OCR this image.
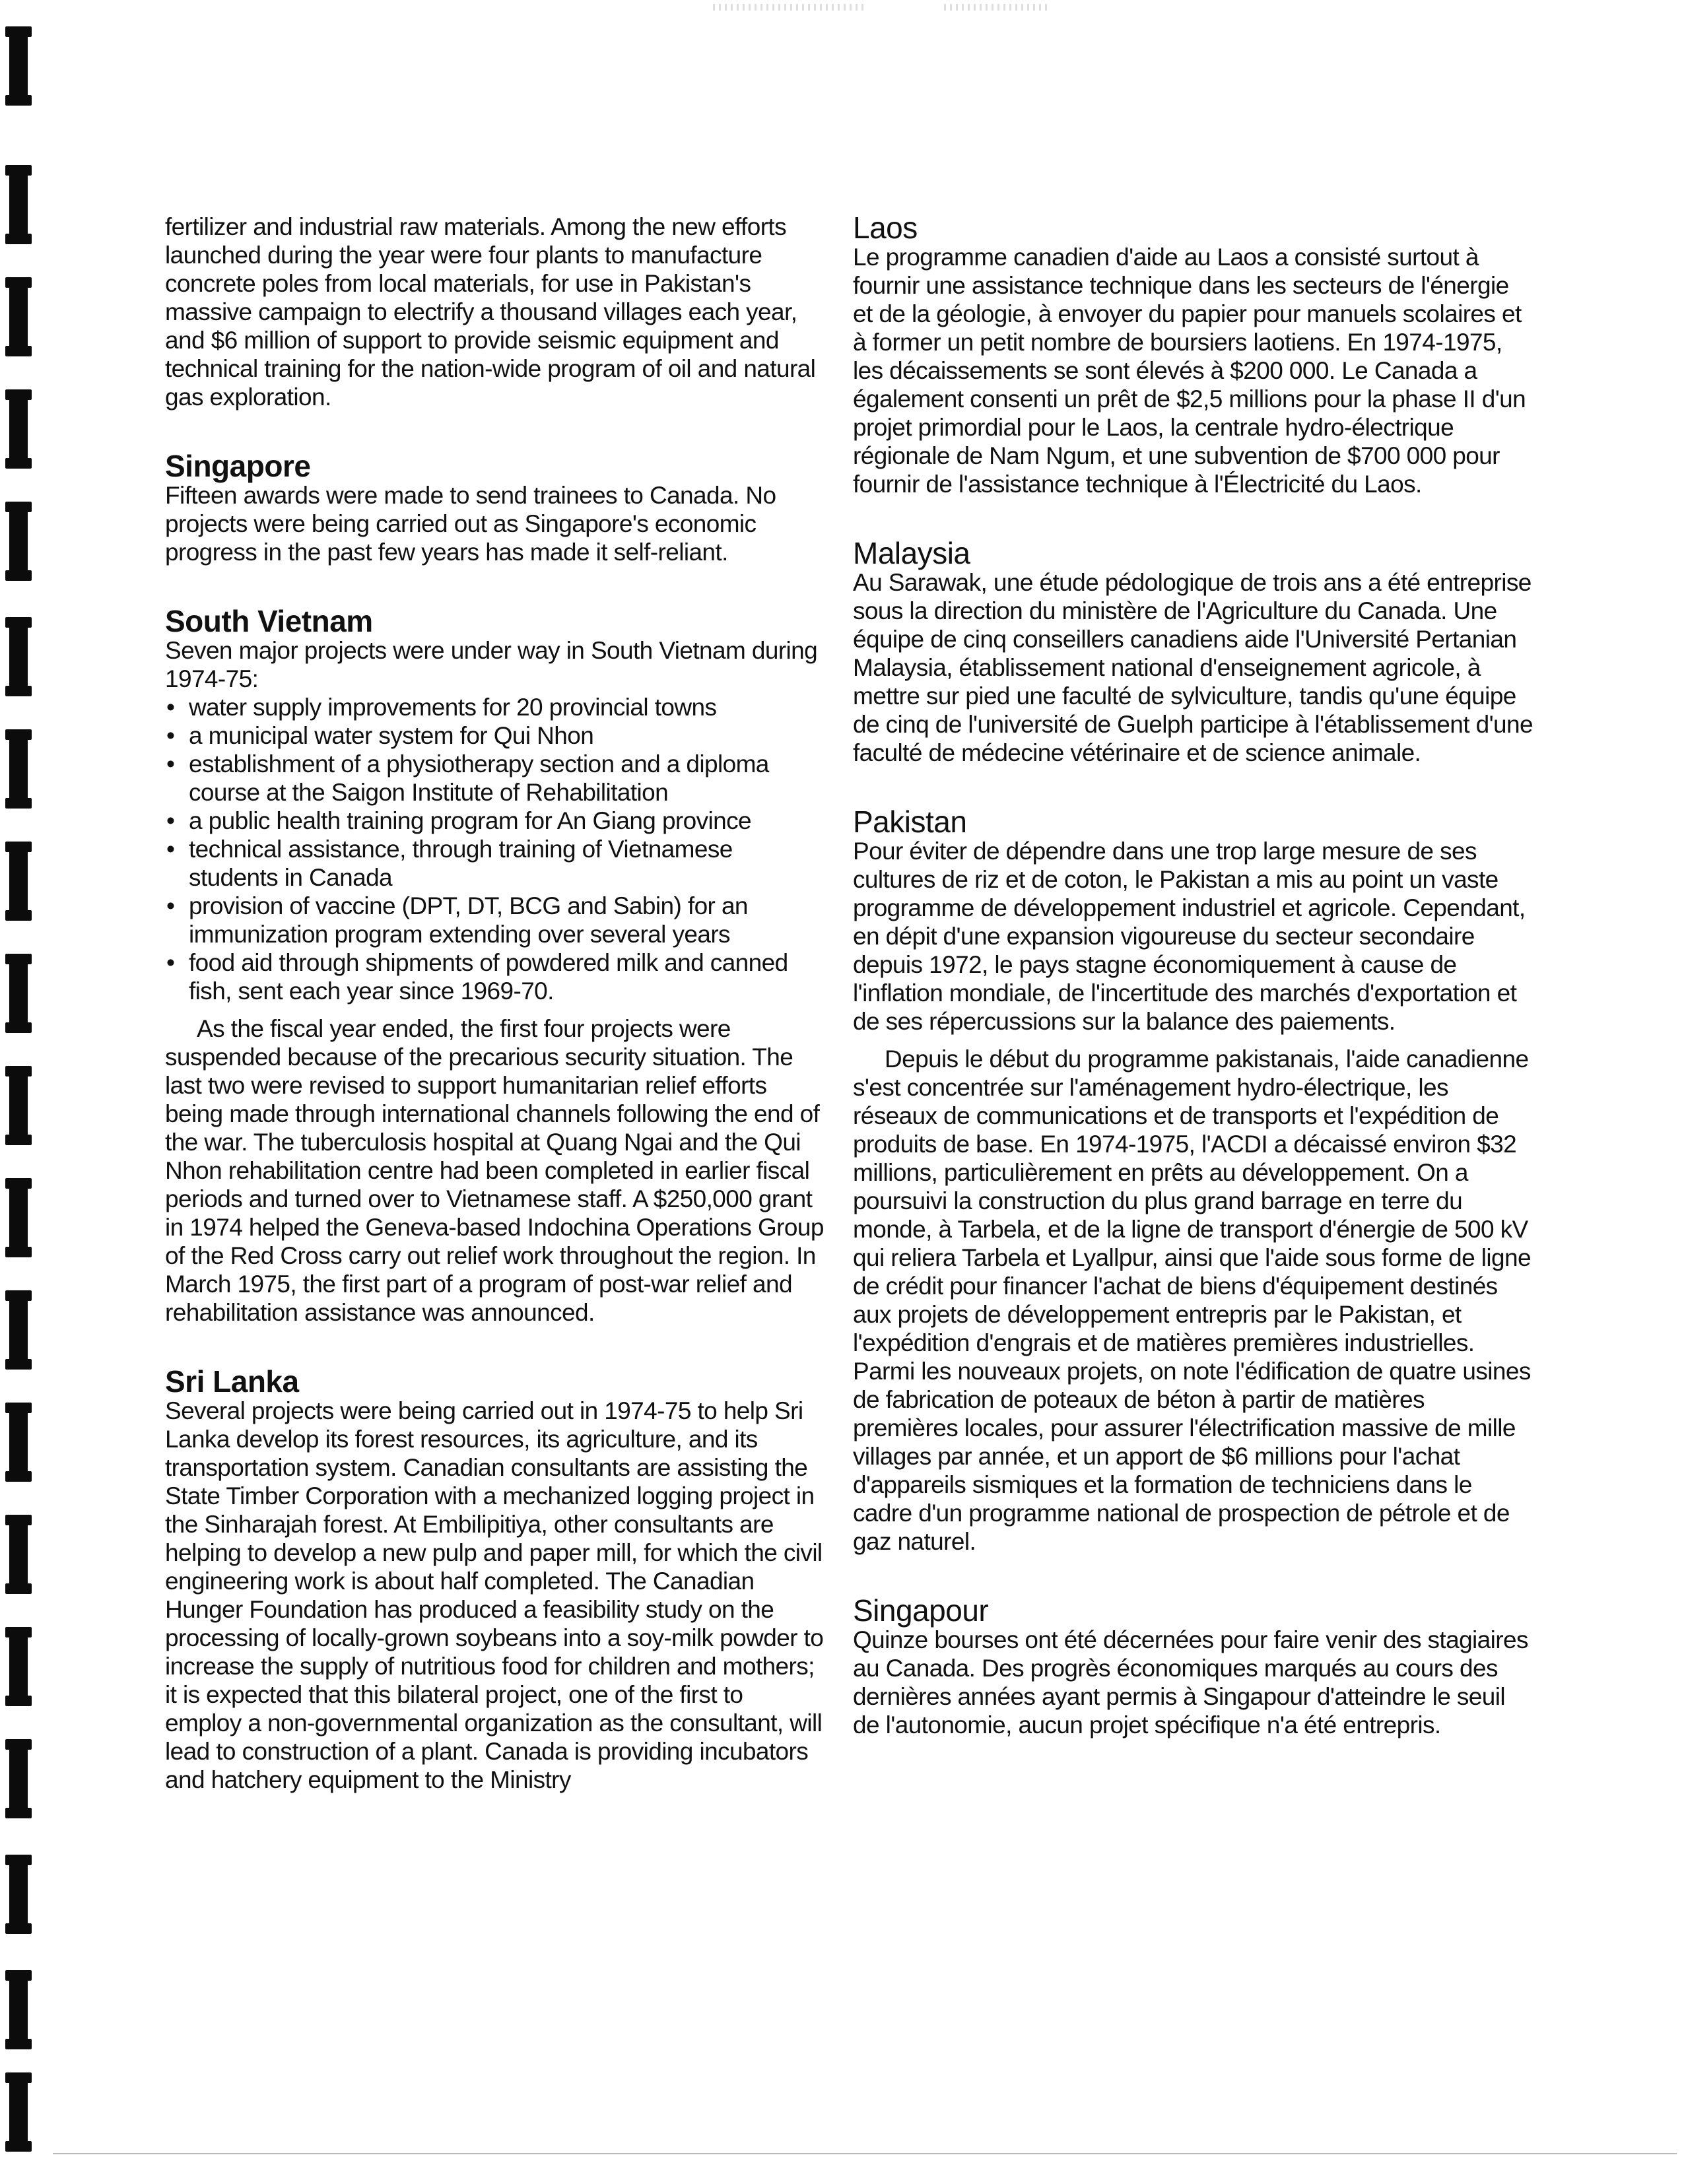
fertilizer and industrial raw materials. Among the new efforts launched during the year were four plants to manufacture concrete poles from local materials, for use in Pakistan's massive campaign to electrify a thousand villages each year, and $6 million of support to provide seismic equipment and technical training for the nation-wide program of oil and natural gas exploration.

Singapore

Fifteen awards were made to send trainees to Canada. No projects were being carried out as Singapore's economic progress in the past few years has made it self-reliant.

South Vietnam

Seven major projects were under way in South Vietnam during 1974-75:

• water supply improvements for 20 provincial towns
• a municipal water system for Qui Nhon
• establishment of a physiotherapy section and a diploma course at the Saigon Institute of Rehabilitation
• a public health training program for An Giang province
• technical assistance, through training of Vietnamese students in Canada
• provision of vaccine (DPT, DT, BCG and Sabin) for an immunization program extending over several years
• food aid through shipments of powdered milk and canned fish, sent each year since 1969-70.

As the fiscal year ended, the first four projects were suspended because of the precarious security situation. The last two were revised to support humanitarian relief efforts being made through international channels following the end of the war. The tuberculosis hospital at Quang Ngai and the Qui Nhon rehabilitation centre had been completed in earlier fiscal periods and turned over to Vietnamese staff. A $250,000 grant in 1974 helped the Geneva-based Indochina Operations Group of the Red Cross carry out relief work throughout the region. In March 1975, the first part of a program of post-war relief and rehabilitation assistance was announced.

Sri Lanka

Several projects were being carried out in 1974-75 to help Sri Lanka develop its forest resources, its agriculture, and its transportation system. Canadian consultants are assisting the State Timber Corporation with a mechanized logging project in the Sinharajah forest. At Embilipitiya, other consultants are helping to develop a new pulp and paper mill, for which the civil engineering work is about half completed. The Canadian Hunger Foundation has produced a feasibility study on the processing of locally-grown soybeans into a soy-milk powder to increase the supply of nutritious food for children and mothers; it is expected that this bilateral project, one of the first to employ a non-governmental organization as the consultant, will lead to construction of a plant. Canada is providing incubators and hatchery equipment to the Ministry

Laos

Le programme canadien d'aide au Laos a consisté surtout à fournir une assistance technique dans les secteurs de l'énergie et de la géologie, à envoyer du papier pour manuels scolaires et à former un petit nombre de boursiers laotiens. En 1974-1975, les décaissements se sont élevés à $200 000. Le Canada a également consenti un prêt de $2,5 millions pour la phase II d'un projet primordial pour le Laos, la centrale hydro-électrique régionale de Nam Ngum, et une subvention de $700 000 pour fournir de l'assistance technique à l'Électricité du Laos.

Malaysia

Au Sarawak, une étude pédologique de trois ans a été entreprise sous la direction du ministère de l'Agriculture du Canada. Une équipe de cinq conseillers canadiens aide l'Université Pertanian Malaysia, établissement national d'enseignement agricole, à mettre sur pied une faculté de sylviculture, tandis qu'une équipe de cinq de l'université de Guelph participe à l'établissement d'une faculté de médecine vétérinaire et de science animale.

Pakistan

Pour éviter de dépendre dans une trop large mesure de ses cultures de riz et de coton, le Pakistan a mis au point un vaste programme de développement industriel et agricole. Cependant, en dépit d'une expansion vigoureuse du secteur secondaire depuis 1972, le pays stagne économiquement à cause de l'inflation mondiale, de l'incertitude des marchés d'exportation et de ses répercussions sur la balance des paiements.

Depuis le début du programme pakistanais, l'aide canadienne s'est concentrée sur l'aménagement hydro-électrique, les réseaux de communications et de transports et l'expédition de produits de base. En 1974-1975, l'ACDI a décaissé environ $32 millions, particulièrement en prêts au développement. On a poursuivi la construction du plus grand barrage en terre du monde, à Tarbela, et de la ligne de transport d'énergie de 500 kV qui reliera Tarbela et Lyallpur, ainsi que l'aide sous forme de ligne de crédit pour financer l'achat de biens d'équipement destinés aux projets de développement entrepris par le Pakistan, et l'expédition d'engrais et de matières premières industrielles. Parmi les nouveaux projets, on note l'édification de quatre usines de fabrication de poteaux de béton à partir de matières premières locales, pour assurer l'électrification massive de mille villages par année, et un apport de $6 millions pour l'achat d'appareils sismiques et la formation de techniciens dans le cadre d'un programme national de prospection de pétrole et de gaz naturel.

Singapour

Quinze bourses ont été décernées pour faire venir des stagiaires au Canada. Des progrès économiques marqués au cours des dernières années ayant permis à Singapour d'atteindre le seuil de l'autonomie, aucun projet spécifique n'a été entrepris.
